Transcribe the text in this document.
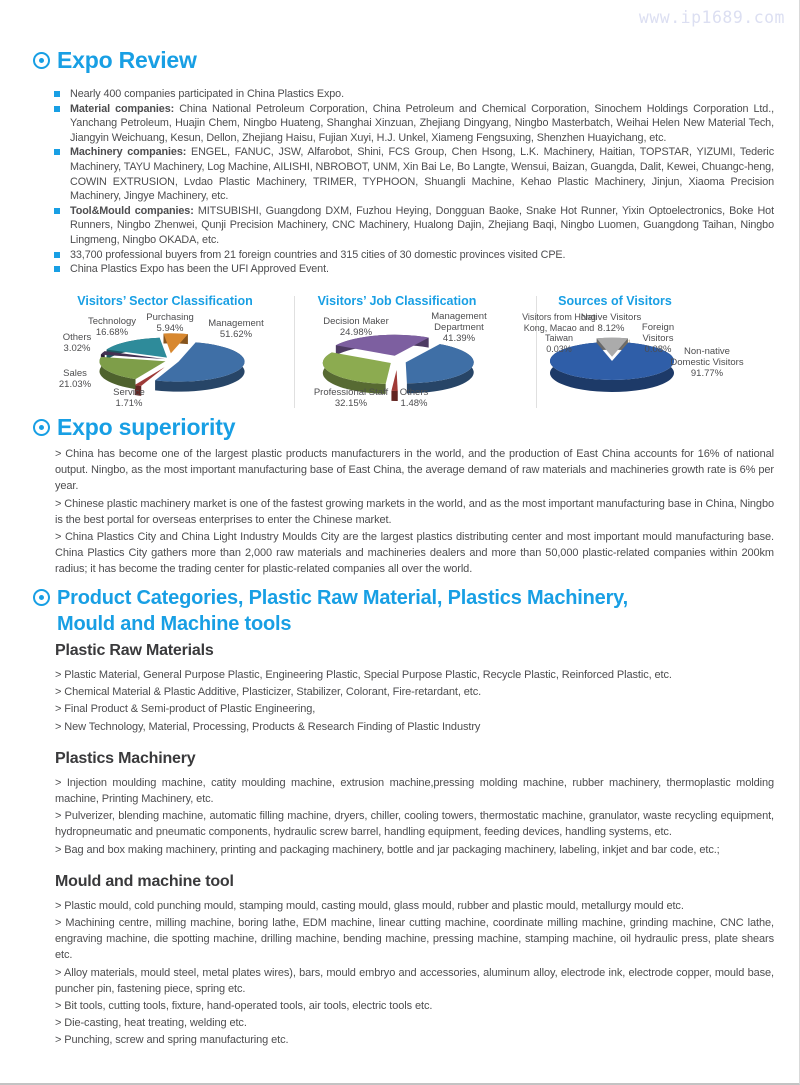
www.ip1689.com
Expo Review
Nearly 400 companies participated in China Plastics Expo.
Material companies: China National Petroleum Corporation, China Petroleum and Chemical Corporation, Sinochem Holdings Corporation Ltd., Yanchang Petroleum, Huajin Chem, Ningbo Huateng, Shanghai Xinzuan, Zhejiang Dingyang, Ningbo Masterbatch, Weihai Helen New Material Tech, Jiangyin Weichuang, Kesun, Dellon, Zhejiang Haisu, Fujian Xuyi, H.J. Unkel, Xiameng Fengsuxing, Shenzhen Huayichang, etc.
Machinery companies: ENGEL, FANUC, JSW, Alfarobot, Shini, FCS Group, Chen Hsong, L.K. Machinery, Haitian, TOPSTAR, YIZUMI, Tederic Machinery, TAYU Machinery, Log Machine, AILISHI, NBROBOT, UNM, Xin Bai Le, Bo Langte, Wensui, Baizan, Guangda, Dalit, Kewei, Chuangc-heng, COWIN EXTRUSION, Lvdao Plastic Machinery, TRIMER, TYPHOON, Shuangli Machine, Kehao Plastic Machinery, Jinjun, Xiaoma Precision Machinery, Jingye Machinery, etc.
Tool&Mould companies: MITSUBISHI, Guangdong DXM, Fuzhou Heying, Dongguan Baoke, Snake Hot Runner, Yixin Optoelectronics, Boke Hot Runners, Ningbo Zhenwei, Qunji Precision Machinery, CNC Machinery, Hualong Dajin, Zhejiang Baqi, Ningbo Luomen, Guangdong Taihan, Ningbo Lingmeng, Ningbo OKADA, etc.
33,700 professional buyers from 21 foreign countries and 315 cities of 30 domestic provinces visited CPE.
China Plastics Expo has been the UFI Approved Event.
Visitors’ Sector Classification
Technology
16.68%
Purchasing
5.94%	Management
51.62%
Others
3.02%
Sales
21.03%
Service
1.71%
Visitors’ Job Classification
Decision Maker
24.98%
Management Department
41.39%
Professional Staff
32.15%
Others
1.48%
Sources of Visitors
Visitors from Hong Kong, Macao and Taiwan
0.03%
Native Visitors
8.12%	Foreign Visitors
0.08%	Non-native Domestic Visitors
91.77%
Expo superiority

> China has become one of the largest plastic products manufacturers in the world, and the production of East China accounts for 16% of national output. Ningbo, as the most important manufacturing base of East China, the average demand of raw materials and machineries growth rate is 6% per year.

> Chinese plastic machinery market is one of the fastest growing markets in the world, and as the most important manufacturing base in China, Ningbo is the best portal for overseas enterprises to enter the Chinese market.

> China Plastics City and China Light Industry Moulds City are the largest plastics distributing center and most important mould manufacturing base. China Plastics City gathers more than 2,000 raw materials and machineries dealers and more than 50,000 plastic-related companies within 200km radius; it has become the trading center for plastic-related companies all over the world.

Product Categories, Plastic Raw Material, Plastics Machinery,
Mould and Machine tools
Plastic Raw Materials

> Plastic Material, General Purpose Plastic, Engineering Plastic, Special Purpose Plastic, Recycle Plastic, Reinforced Plastic, etc.

> Chemical Material & Plastic Additive, Plasticizer, Stabilizer, Colorant, Fire-retardant, etc.

> Final Product & Semi-product of Plastic Engineering,

> New Technology, Material, Processing, Products & Research Finding of Plastic Industry

Plastics Machinery

> Injection moulding machine, catity moulding machine, extrusion machine,pressing molding machine, rubber machinery, thermoplastic molding machine, Printing Machinery, etc.

> Pulverizer, blending machine, automatic filling machine, dryers, chiller, cooling towers, thermostatic machine, granulator, waste recycling equipment, hydropneumatic and pneumatic components, hydraulic screw barrel, handling equipment, feeding devices, handling systems, etc.

> Bag and box making machinery, printing and packaging machinery, bottle and jar packaging machinery, labeling, inkjet and bar code, etc.;

Mould and machine tool

> Plastic mould, cold punching mould, stamping mould, casting mould, glass mould, rubber and plastic mould, metallurgy mould etc.

> Machining centre, milling machine, boring lathe, EDM machine, linear cutting machine, coordinate milling machine, grinding machine, CNC lathe, engraving machine, die spotting machine, drilling machine, bending machine, pressing machine, stamping machine, oil hydraulic press, plate shears etc.

> Alloy materials, mould steel, metal plates wires), bars, mould embryo and accessories, aluminum alloy, electrode ink, electrode copper, mould base, puncher pin, fastening piece, spring etc.

> Bit tools, cutting tools, fixture, hand-operated tools, air tools, electric tools etc.

> Die-casting, heat treating, welding etc.

> Punching, screw and spring manufacturing etc.
